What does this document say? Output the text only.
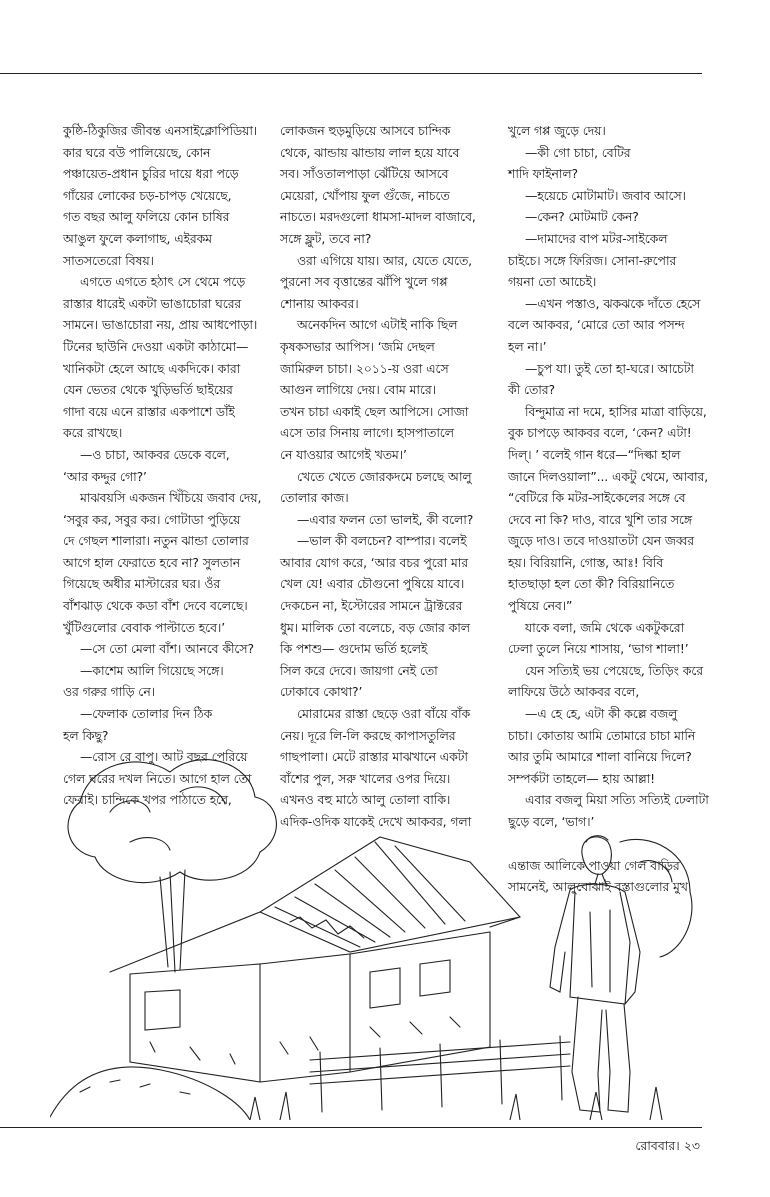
কুষ্ঠি-ঠিকুজির জীবন্ত এনসাইক্লোপিডিয়া।

কার ঘরে বউ পালিয়েছে, কোন

পঞ্চায়েত-প্রধান চুরির দায়ে ধরা পড়ে

গাঁয়ের লোকের চড়-চাপড় খেয়েছে,

গত বছর আলু ফলিয়ে কোন চাষির

আঙুল ফুলে কলাগাছ, এইরকম

সাতসতেরো বিষয়।

এগতে এগতে হঠাৎ সে থেমে পড়ে

রাস্তার ধারেই একটা ভাঙাচোরা ঘরের

সামনে। ভাঙাচোরা নয়, প্রায় আধপোড়া।

টিনের ছাউনি দেওয়া একটা কাঠামো—

খানিকটা হেলে আছে একদিকে। কারা

যেন ভেতর থেকে খুড়িভর্তি ছাইয়ের

গাদা বয়ে এনে রাস্তার একপাশে ডাঁই

করে রাখছে।

—ও চাচা, আকবর ডেকে বলে,

‘আর কদ্দুর গো?’

মাঝবয়সি একজন খিঁচিয়ে জবাব দেয়,

‘সবুর কর, সবুর কর। গোটাডা পুড়িয়ে

দে গেছল শালারা। নতুন ঝান্ডা তোলার

আগে হাল ফেরাতে হবে না? সুলতান

গিয়েছে অধীর মাস্টারের ঘর। ওঁর

বাঁশঝাড় থেকে কডা বাঁশ দেবে বলেছে।

খুঁটিগুলোর বেবাক পাল্টাতে হবে।’

—সে তো মেলা বাঁশ। আনবে কীসে?

—কাশেম আলি গিয়েছে সঙ্গে।

ওর গরুর গাড়ি নে।

—ফেলাক তোলার দিন ঠিক

হল কিছু?

—রোস রে বাপু। আট বছর পেরিয়ে

গেল ঘরের দখল নিতে। আগে হাল তো

ফেরাই। চান্দিকে খপর পাঠাতে হবে,

লোকজন হুড়মুড়িয়ে আসবে চান্দিক

থেকে, ঝান্ডায় ঝান্ডায় লাল হয়ে যাবে

সব। সাঁওতালপাড়া ঝেঁটিয়ে আসবে

মেয়েরা, খোঁপায় ফুল গুঁজে, নাচতে

নাচতে। মরদগুলো ধামসা-মাদল বাজাবে,

সঙ্গে ফ্লুট, তবে না?

ওরা এগিয়ে যায়। আর, যেতে যেতে,

পুরনো সব বৃত্তান্তের ঝাঁপি খুলে গপ্প

শোনায় আকবর।

অনেকদিন আগে এটাই নাকি ছিল

কৃষকসভার আপিস। ‘জমি দেছল

জামিরুল চাচা। ২০১১-য় ওরা এসে

আগুন লাগিয়ে দেয়। বোম মারে।

তখন চাচা একাই ছেল আপিসে। সোজা

এসে তার সিনায় লাগে। হাসপাতালে

নে যাওয়ার আগেই খতম।’

খেতে খেতে জোরকদমে চলছে আলু

তোলার কাজ।

—এবার ফলন তো ভালই, কী বলো?

—ভাল কী বলচেন? বাম্পার। বলেই

আবার যোগ করে, ‘আর বচর পুরো মার

খেল যে! এবার চৌগুনো পুষিয়ে যাবে।

দেকচেন না, ইস্টোরের সামনে ট্রাক্টরের

ধুম। মালিক তো বলেচে, বড় জোর কাল

কি পশশু— গুদোম ভর্তি হলেই

সিল করে দেবে। জায়গা নেই তো

ঢোকাবে কোথা?’

মোরামের রাস্তা ছেড়ে ওরা বাঁয়ে বাঁক

নেয়। দূরে লি-লি করছে কাপাসতুলির

গাছপালা। মেটে রাস্তার মাঝখানে একটা

বাঁশের পুল, সরু খালের ওপর দিয়ে।

এখনও বহু মাঠে আলু তোলা বাকি।

এদিক-ওদিক যাকেই দেখে আকবর, গলা

খুলে গপ্প জুড়ে দেয়।

—কী গো চাচা, বেটির

শাদি ফাইনাল?

—হয়েচে মোটামাট। জবাব আসে।

—কেন? মোটমাট কেন?

—দামাদের বাপ মটর-সাইকেল

চাইচে। সঙ্গে ফিরিজ। সোনা-রুপোর

গয়না তো আচেই।

—এখন পস্তাও, ঝকঝকে দাঁতে হেসে

বলে আকবর, ‘মোরে তো আর পসন্দ

হল না।’

—চুপ যা। তুই তো হা-ঘরে। আচেটা

কী তোর?

বিন্দুমাত্র না দমে, হাসির মাত্রা বাড়িয়ে,

বুক চাপড়ে আকবর বলে, ‘কেন? এটা!

দিল্। ’ বলেই গান ধরে—“দিল্কা হাল

জানে দিলওয়ালা”... একটু থেমে, আবার,

“বেটিরে কি মটর-সাইকেলের সঙ্গে বে

দেবে না কি? দাও, বারে খুশি তার সঙ্গে

জুড়ে দাও। তবে দাওয়াতটা যেন জব্বর

হয়। বিরিয়ানি, গোস্ত, আঃ! বিবি

হাতছাড়া হল তো কী? বিরিয়ানিতে

পুষিয়ে নেব।”

যাকে বলা, জমি থেকে একটুকরো

ঢেলা তুলে নিয়ে শাসায়, ‘ভাগ শালা!’

যেন সত্যিই ভয় পেয়েছে, তিড়িং করে

লাফিয়ে উঠে আকবর বলে,

—এ হে হে, এটা কী কল্লে বজলু

চাচা। কোতায় আমি তোমারে চাচা মানি

আর তুমি আমারে শালা বানিয়ে দিলে?

সম্পর্কটা তাহলে— হায় আল্লা!

এবার বজলু মিয়া সত্যি সত্যিই ঢেলাটা

ছুড়ে বলে, ‘ভাগ।’

এন্তাজ আলিকে পাওয়া গেল বাড়ির

সামনেই, আলুবোঝাই বস্তাগুলোর মুখ

রোববার। ২৩
